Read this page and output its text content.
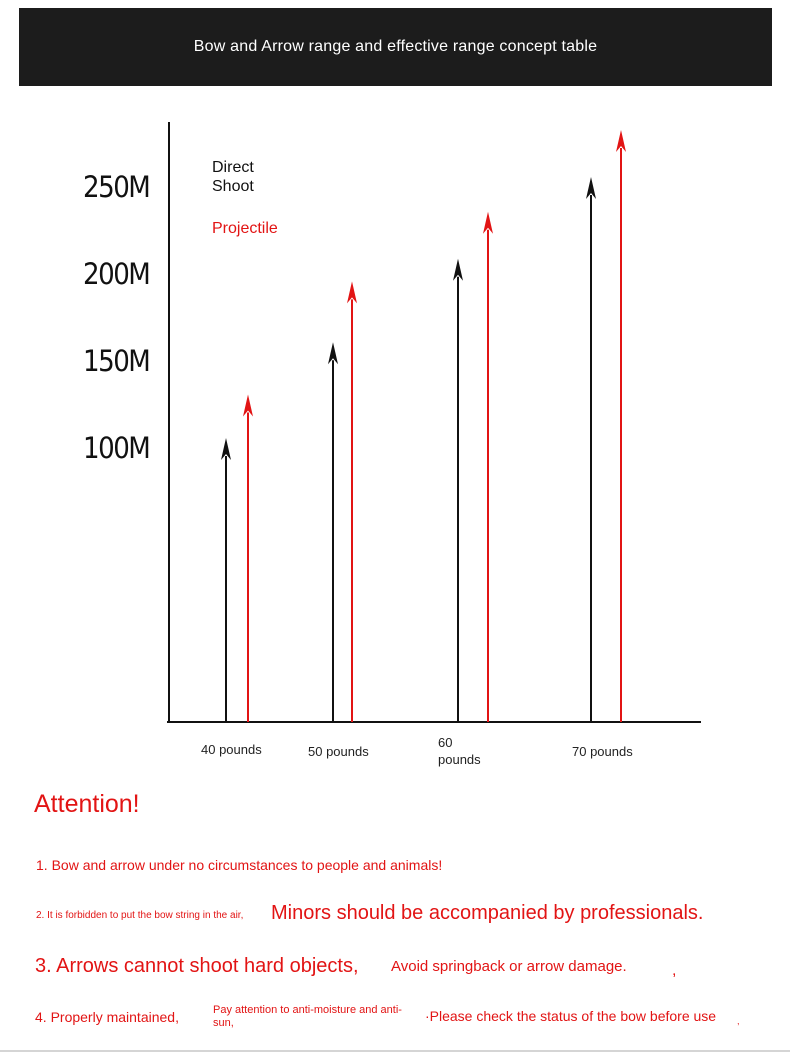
Bow and Arrow range and effective range concept table
100M
150M
200M
250M
40 pounds	50 pounds
60 pounds
70 pounds
Direct Shoot
Projectile
Attention!
1. Bow and arrow under no circumstances to people and animals!
2. It is forbidden to put the bow string in the air, Minors should be accompanied by professionals.
3. Arrows cannot shoot hard objects, Avoid springback or arrow damage.	,
4. Properly maintained,	Pay attention to anti-moisture and anti-sun,	·Please check the status of the bow before use ,
